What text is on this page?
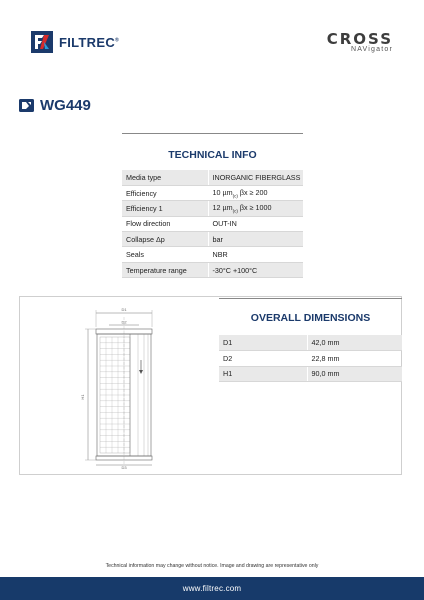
FILTREC®	CROSS
NAVigator
WG449
TECHNICAL INFO
Media type	INORGANIC FIBERGLASS
Efficiency	10 µm$_{(c)}$ βx ≥ 200
Efficiency 1	12 µm$_{(c)}$ βx ≥ 1000
Flow direction	OUT-IN
Collapse Δp	bar
Seals	NBR
Temperature range	-30°C +100°C
D1
D2
H1
D3
OVERALL DIMENSIONS
D1	42,0 mm
D2	22,8 mm
H1	90,0 mm
Technical information may change without notice. Image and drawing are representative only
www.filtrec.com
